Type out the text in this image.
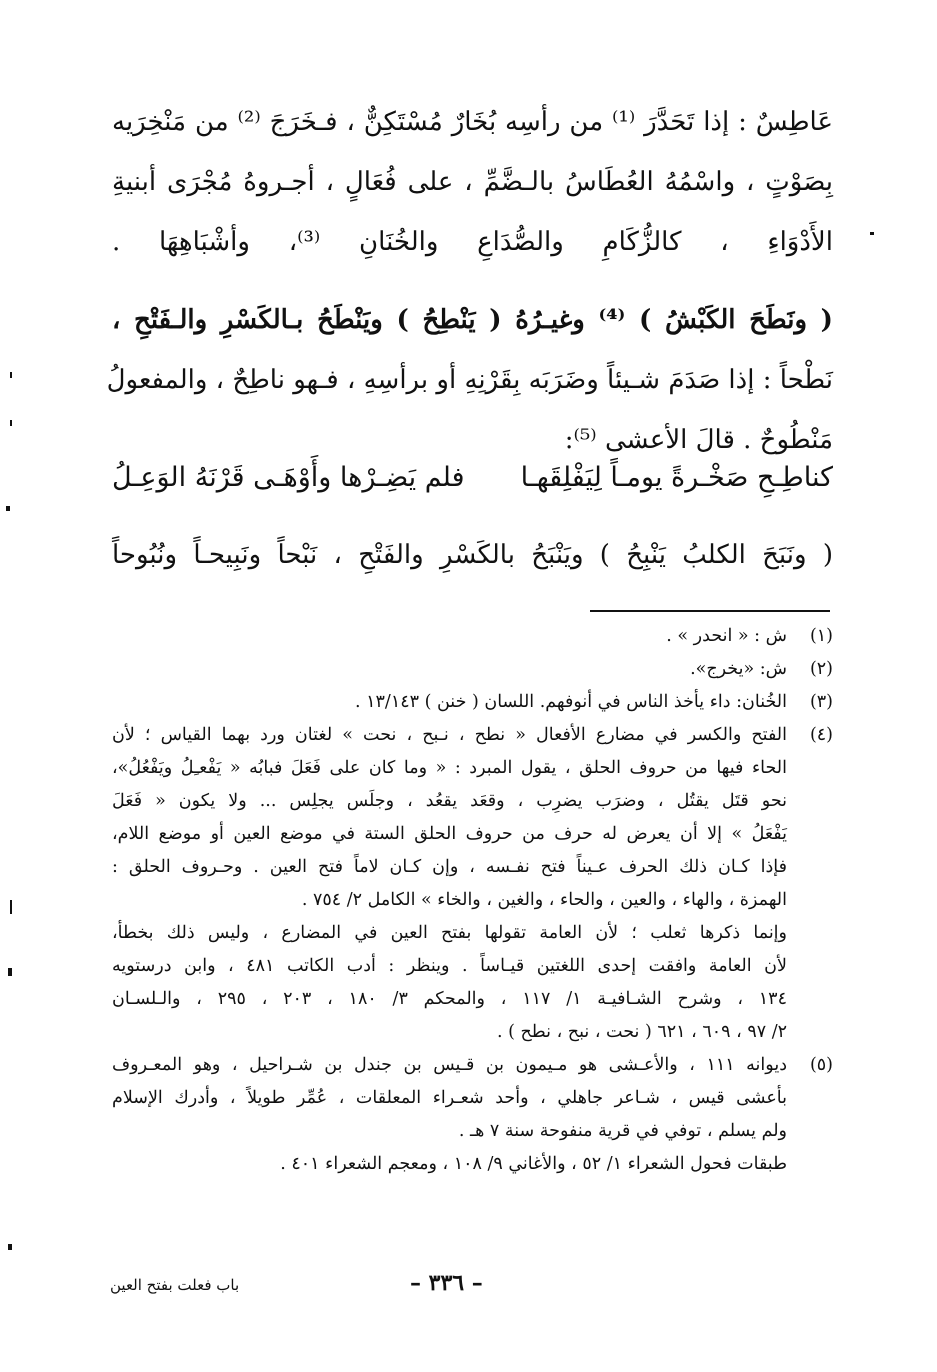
عَاطِسٌ : إذا تَحَدَّرَ ⁽¹⁾ من رأسِه بُخَارٌ مُسْتَكِنٌّ ، فـخَرَجَ ⁽²⁾ من مَنْخِرَيه
بِصَوْتٍ ، واسْمُهُ العُطَاسُ بالـضَّمِّ ، على فُعَالٍ ، أجـروهُ مُجْرَى أبنيةِ
الأَدْوَاءِ ، كالزُّكَامِ والصُّدَاعِ والخُنَانِ ⁽³⁾، وأشْبَاهِهَا .
( ونَطَحَ الكَبْشُ ) ⁽⁴⁾ وغيـرُهُ ( يَنْطِحُ ) ويَنْطَحُ بـالكَسْرِ والـفَتْحِ ،
نَطْحاً : إذا صَدَمَ شـيئاً وضَرَبَه بِقَرْنِهِ أو برأسِهِ ، فـهو ناطِحٌ ، والمفعولُ
مَنْطُوحٌ . قالَ الأعشى ⁽⁵⁾:
كناطِـحِ صَخْـرةً يومـاً لِيَفْلِقَهـا
فلم يَضِـرْها وأَوْهَـى قَرْنَهُ الوَعِـلُ
( ونَبَحَ الكلبُ يَنْبِحُ ) ويَنْبَحُ بالكَسْرِ والفَتْحِ ، نَبْحاً ونَبِيحـاً ونُبُوحاً
(١)
ش : « انحدر » .
(٢)
ش: «يخرج».
(٣)
الخُنان: داء يأخذ الناس في أنوفهم. اللسان ( خنن ) ١٣/١٤٣ .
(٤)
الفتح والكسر في مضارع الأفعال « نطح ، نـبح ، نحت » لغتان ورد بهما القياس ؛ لأن
الحاء فيها من حروف الحلق ، يقول المبرد : « وما كان على فَعَلَ فبابُه « يَفْعـِلُ ويَفْعُلُ»،
نحو قتَل يقتُل ، وضرَب يضرِب ، وقعَد يقعُد ، وجلَس يجلِس ... ولا يكون « فَعَلَ
يَفْعَلُ » إلا أن يعرض له حرف من حروف الحلق الستة في موضع العين أو موضع اللام،
فإذا كـان ذلك الحرف عـيناً فتح نفـسه ، وإن كـان لاماً فتح العين . وحـروف الحلق :
الهمزة ، والهاء ، والعين ، والحاء ، والغين ، والخاء » الكامل ٢/ ٧٥٤ .
وإنما ذكرها ثعلب ؛ لأن العامة تقولها بفتح العين في المضارع ، وليس ذلك بخطأ،
لأن العامة وافقت إحدى اللغتين قيـاساً . وينظر : أدب الكاتب ٤٨١ ، وابن درستويه
١٣٤ ، وشرح الشـافيـة ١/ ١١٧ ، والمحكم ٣/ ١٨٠ ، ٢٠٣ ، ٢٩٥ ، والـلسـان
٢/ ٩٧ ، ٦٠٩ ، ٦٢١ ( نحت ، نبح ، نطح ) .
(٥)
ديوانه ١١١ ، والأعـشى هو مـيمون بن قـيس بن جندل بن شـراحيل ، وهو المعـروف
بأعشى قيس ، شـاعر جاهلي ، وأحد شعـراء المعلقات ، عُمِّر طويلاً ، وأدرك الإسلام
ولم يسلم ، توفي في قرية منفوحة سنة ٧ هـ .
طبقات فحول الشعراء ١/ ٥٢ ، والأغاني ٩/ ١٠٨ ، ومعجم الشعراء ٤٠١ .
– ٣٣٦ –
باب فعلت بفتح العين
